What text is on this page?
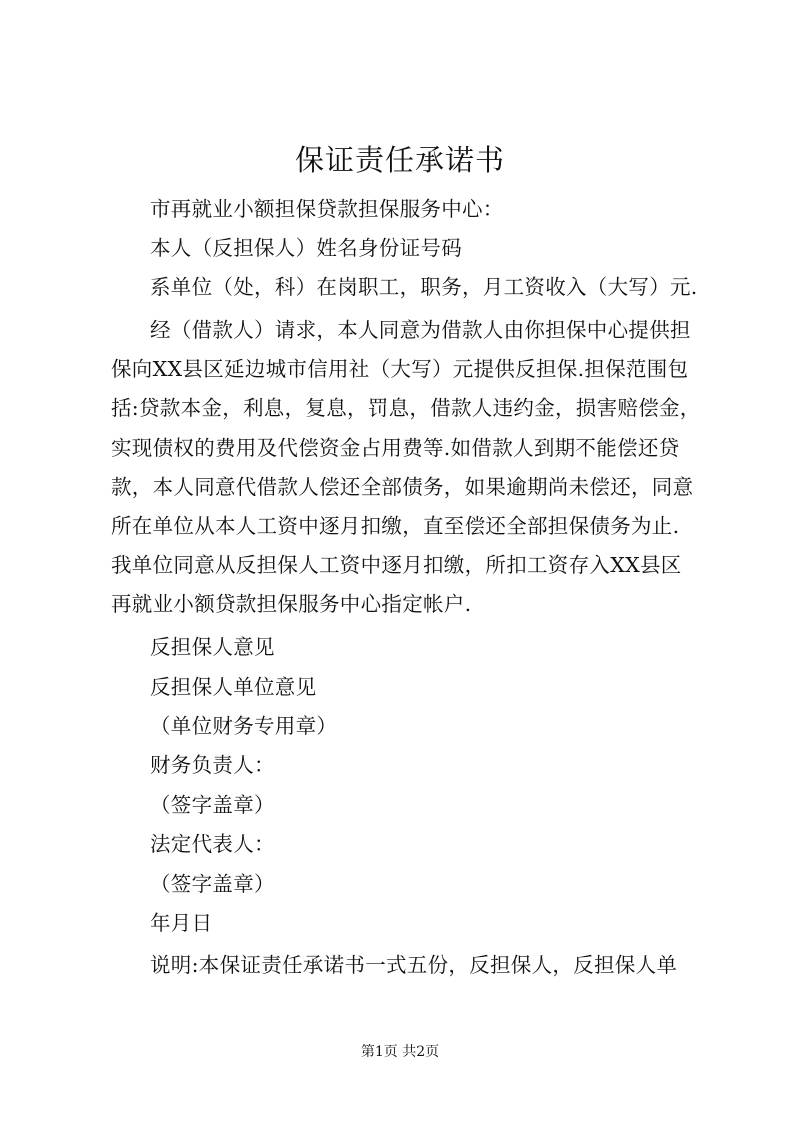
保证责任承诺书
市再就业小额担保贷款担保服务中心：
本人（反担保人）姓名身份证号码
系单位（处，科）在岗职工，职务，月工资收入（大写）元.
经（借款人）请求，本人同意为借款人由你担保中心提供担
保向XX县区延边城市信用社（大写）元提供反担保.担保范围包
括:贷款本金，利息，复息，罚息，借款人违约金，损害赔偿金，
实现债权的费用及代偿资金占用费等.如借款人到期不能偿还贷
款，本人同意代借款人偿还全部债务，如果逾期尚未偿还，同意
所在单位从本人工资中逐月扣缴，直至偿还全部担保债务为止.
我单位同意从反担保人工资中逐月扣缴，所扣工资存入XX县区
再就业小额贷款担保服务中心指定帐户.
反担保人意见
反担保人单位意见
（单位财务专用章）
财务负责人：
（签字盖章）
法定代表人：
（签字盖章）
年月日
说明:本保证责任承诺书一式五份，反担保人，反担保人单
第1页 共2页
